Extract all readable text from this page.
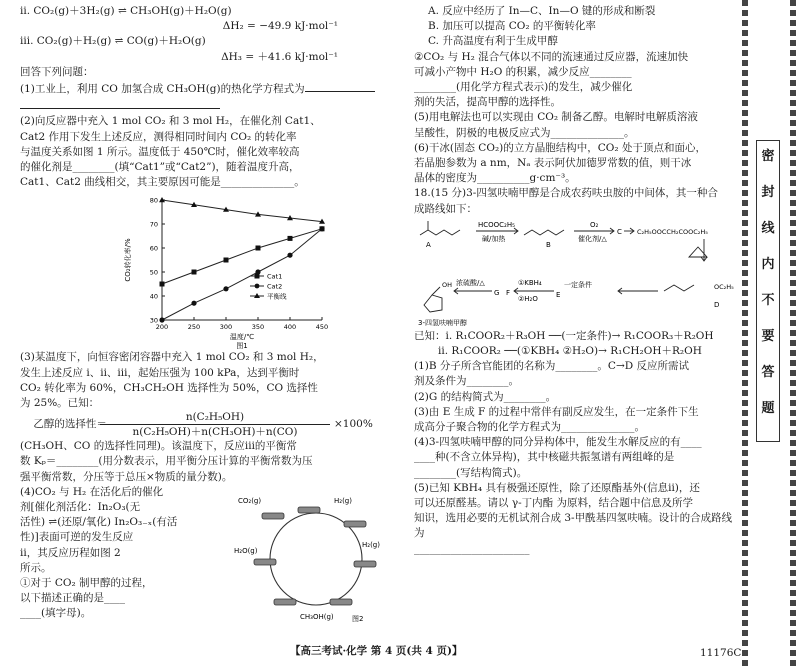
ⅱ. CO₂(g)＋3H₂(g) ⇌ CH₃OH(g)＋H₂O(g)
ΔH₂ = −49.9 kJ·mol⁻¹
ⅲ. CO₂(g)＋H₂(g) ⇌ CO(g)＋H₂O(g)
ΔH₃ = ＋41.6 kJ·mol⁻¹
回答下列问题：
(1)工业上，利用 CO 加氢合成 CH₃OH(g)的热化学方程式为
(2)向反应器中充入 1 mol CO₂ 和 3 mol H₂，在催化剂 Cat1、
Cat2 作用下发生上述反应，测得相同时间内 CO₂ 的转化率
与温度关系如图 1 所示。温度低于 450℃时，催化效率较高
的催化剂是________(填“Cat1”或“Cat2”)，随着温度升高，
Cat1、Cat2 曲线相交，其主要原因可能是______________。
30
40
50
60
70
80
200	250	300	350	400	450
温度/℃
CO₂转化率/%
图1
Cat1
Cat2
平衡线
(3)某温度下，向恒容密闭容器中充入 1 mol CO₂ 和 3 mol H₂，
发生上述反应 ⅰ、ⅱ、ⅲ，起始压强为 100 kPa，达到平衡时
CO₂ 转化率为 60%，CH₃CH₂OH 选择性为 50%，CO 选择性
为 25%。已知：

乙醇的选择性＝

n(C₂H₅OH)

n(C₂H₅OH)＋n(CH₃OH)＋n(CO)

×100%

(CH₃OH、CO 的选择性同理)。该温度下，反应ⅲ的平衡常
数 Kₚ＝________(用分数表示，用平衡分压计算的平衡常数为压
强平衡常数，分压等于总压×物质的量分数)。
(4)CO₂ 与 H₂ 在活化后的催化
剂[催化剂活化：In₂O₃(无
活性) ⇌(还原/氧化) In₂O₃₋ₓ(有活
性)]表面可逆的发生反应
ⅱ，其反应历程如图 2
所示。
①对于 CO₂ 制甲醇的过程，
以下描述正确的是____
____(填字母)。
CO₂(g)	H₂(g)
H₂(g)
H₂O(g)
CH₃OH(g)	图2
A. 反应中经历了 In—C、In—O 键的形成和断裂
B. 加压可以提高 CO₂ 的平衡转化率
C. 升高温度有利于生成甲醇
②CO₂ 与 H₂ 混合气体以不同的流速通过反应器，流速加快
可减小产物中 H₂O 的积累，减少反应________
________(用化学方程式表示)的发生，减少催化
剂的失活，提高甲醇的选择性。
(5)用电解法也可以实现由 CO₂ 制备乙醇。电解时电解质溶液
呈酸性，阴极的电极反应式为______________。
(6)干冰(固态 CO₂)的立方晶胞结构中，CO₂ 处于顶点和面心，
若晶胞参数为 a nm，Nₐ 表示阿伏加德罗常数的值，则干冰
晶体的密度为__________g·cm⁻³。
18.(15 分)3-四氢呋喃甲醇是合成农药呋虫胺的中间体，其一种合
成路线如下：
HCOOC₂H₅
碱/加热
O₂
催化剂/△
A	B
C C₂H₅OOCCH₂COOC₂H₅
OC₂H₅
D
一定条件
E
①KBH₄
②H₂O
F
浓硫酸/△
G
OH
3-四氢呋喃甲醇
已知：ⅰ. R₁COOR₂＋R₃OH ──(一定条件)→ R₁COOR₃＋R₂OH
ⅱ. R₁COOR₂ ──(①KBH₄ ②H₂O)→ R₁CH₂OH＋R₂OH
(1)B 分子所含官能团的名称为________。C→D 反应所需试
剂及条件为________。
(2)G 的结构简式为________。
(3)由 E 生成 F 的过程中常伴有副反应发生，在一定条件下生
成高分子聚合物的化学方程式为______________。
(4)3-四氢呋喃甲醇的同分异构体中，能发生水解反应的有____
____种(不含立体异构)，其中核磁共振氢谱有两组峰的是
________(写结构简式)。
(5)已知 KBH₄ 具有极强还原性，除了还原酯基外(信息ⅱ)，还
可以还原醛基。请以 γ-丁内酯 为原料，结合题中信息及所学
知识，选用必要的无机试剂合成 3-甲酰基四氢呋喃。设计的合成路线为
______________________
密
封
线
内
不
要
答
题
【高三考试·化学 第 4 页(共 4 页)】	11176C
